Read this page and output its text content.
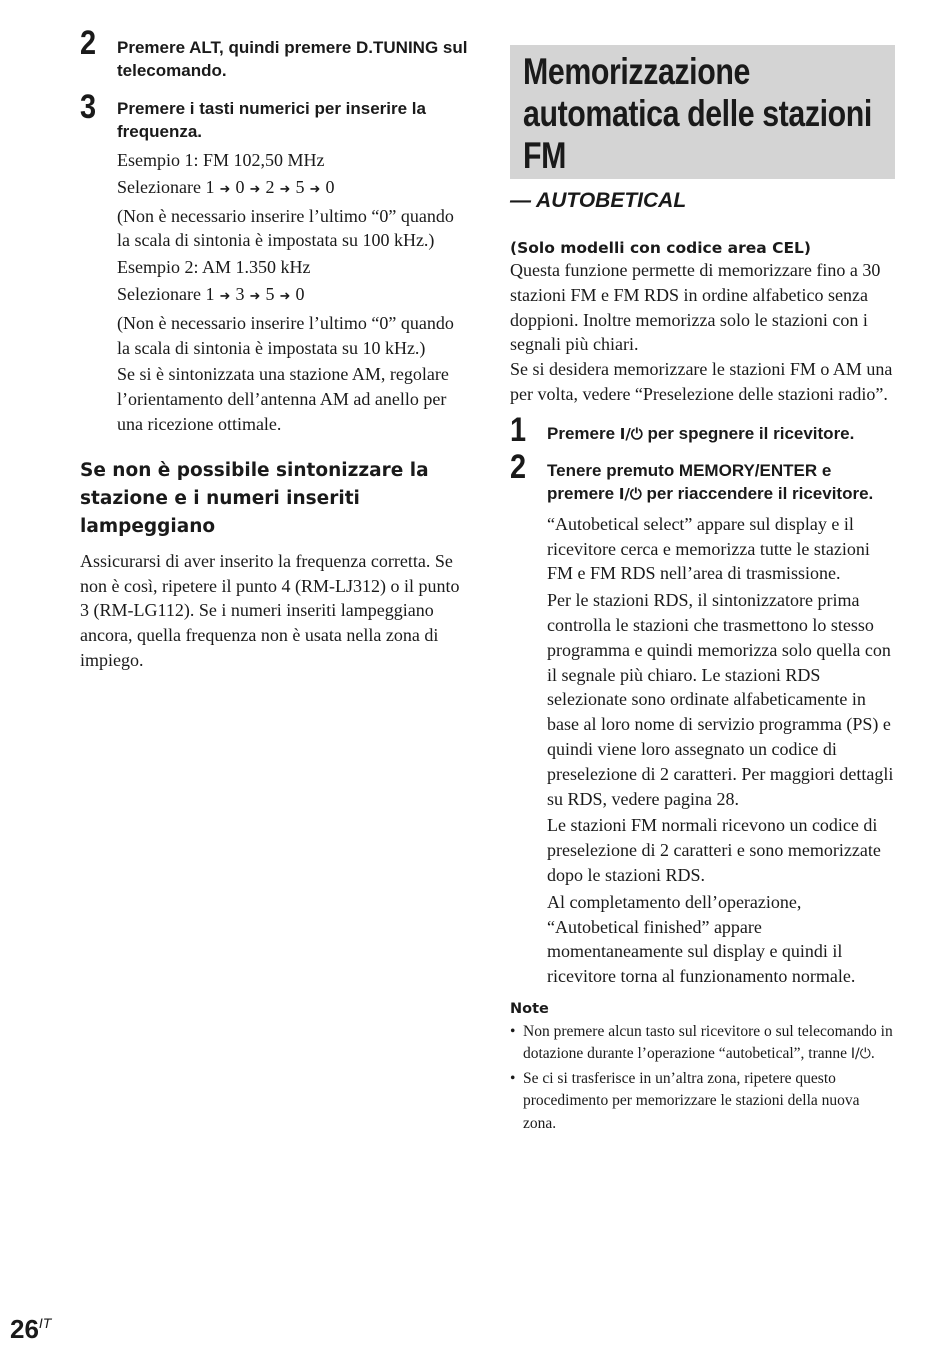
2 Premere ALT, quindi premere D.TUNING sul telecomando.
3 Premere i tasti numerici per inserire la frequenza.

Esempio 1: FM 102,50 MHz

Selezionare 1 ➜ 0 ➜ 2 ➜ 5 ➜ 0

(Non è necessario inserire l’ultimo “0” quando la scala di sintonia è impostata su 100 kHz.)

Esempio 2: AM 1.350 kHz

Selezionare 1 ➜ 3 ➜ 5 ➜ 0

(Non è necessario inserire l’ultimo “0” quando la scala di sintonia è impostata su 10 kHz.)

Se si è sintonizzata una stazione AM, regolare l’orientamento dell’antenna AM ad anello per una ricezione ottimale.

Se non è possibile sintonizzare la stazione e i numeri inseriti lampeggiano

Assicurarsi di aver inserito la frequenza corretta. Se non è così, ripetere il punto 4 (RM-LJ312) o il punto 3 (RM-LG112). Se i numeri inseriti lampeggiano ancora, quella frequenza non è usata nella zona di impiego.

Memorizzazione automatica delle stazioni FM
— AUTOBETICAL
(Solo modelli con codice area CEL)

Questa funzione permette di memorizzare fino a 30 stazioni FM e FM RDS in ordine alfabetico senza doppioni. Inoltre memorizza solo le stazioni con i segnali più chiari.

Se si desidera memorizzare le stazioni FM o AM una per volta, vedere “Preselezione delle stazioni radio”.

1 Premere I/⏻ per spegnere il ricevitore.
2 Tenere premuto MEMORY/ENTER e premere I/⏻ per riaccendere il ricevitore.

“Autobetical select” appare sul display e il ricevitore cerca e memorizza tutte le stazioni FM e FM RDS nell’area di trasmissione.

Per le stazioni RDS, il sintonizzatore prima controlla le stazioni che trasmettono lo stesso programma e quindi memorizza solo quella con il segnale più chiaro. Le stazioni RDS selezionate sono ordinate alfabeticamente in base al loro nome di servizio programma (PS) e quindi viene loro assegnato un codice di preselezione di 2 caratteri. Per maggiori dettagli su RDS, vedere pagina 28.

Le stazioni FM normali ricevono un codice di preselezione di 2 caratteri e sono memorizzate dopo le stazioni RDS.

Al completamento dell’operazione, “Autobetical finished” appare momentaneamente sul display e quindi il ricevitore torna al funzionamento normale.

Note
• Non premere alcun tasto sul ricevitore o sul telecomando in dotazione durante l’operazione “autobetical”, tranne I/⏻.
• Se ci si trasferisce in un’altra zona, ripetere questo procedimento per memorizzare le stazioni della nuova zona.
$26^{IT}$
